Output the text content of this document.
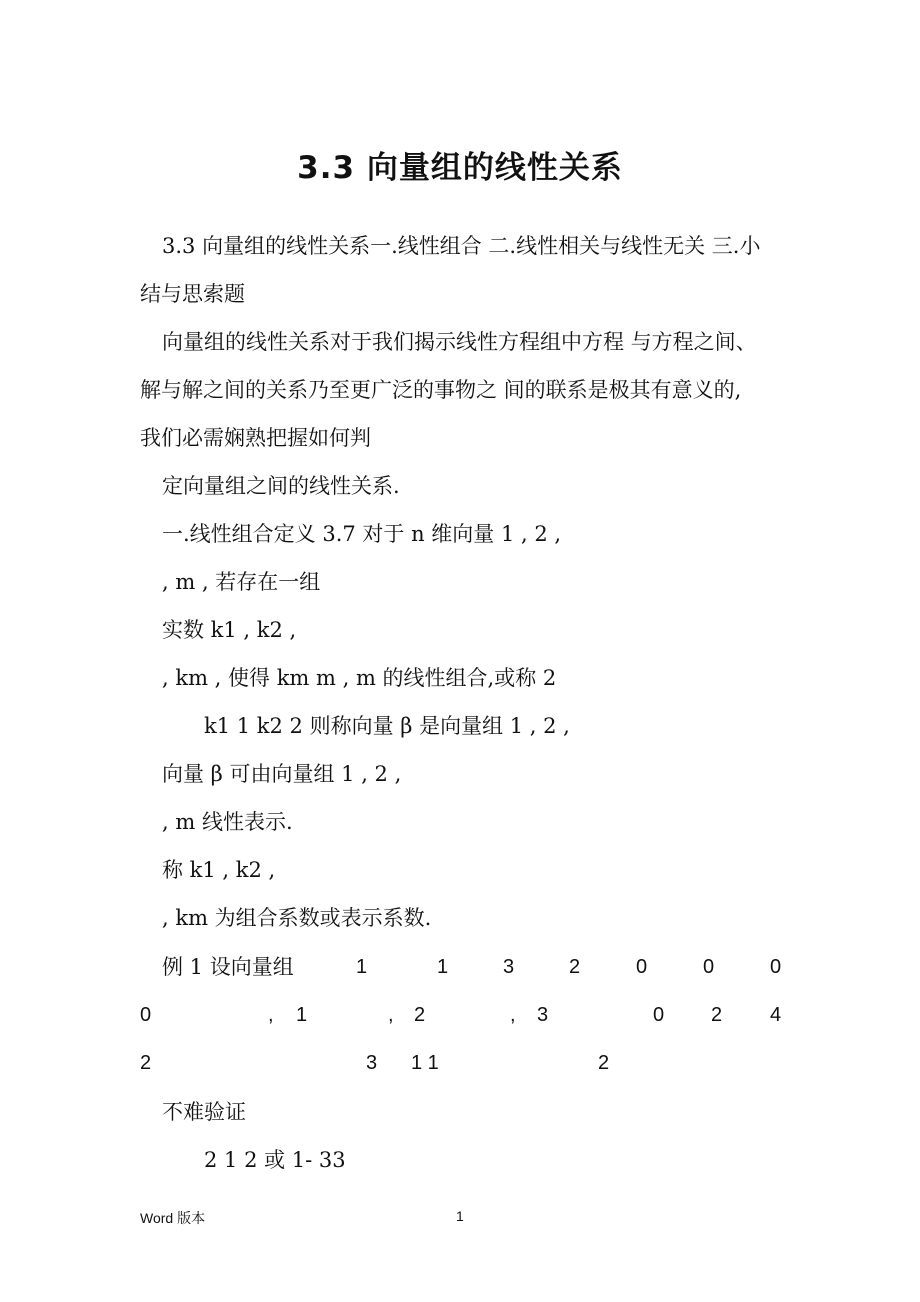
3.3 向量组的线性关系
3.3 向量组的线性关系一.线性组合 二.线性相关与线性无关 三.小
结与思索题
向量组的线性关系对于我们揭示线性方程组中方程 与方程之间、
解与解之间的关系乃至更广泛的事物之 间的联系是极其有意义的,
我们必需娴熟把握如何判
定向量组之间的线性关系.
一.线性组合定义 3.7 对于 n 维向量 1 , 2 ,
, m , 若存在一组
实数 k1 , k2 ,
, km , 使得 km m , m 的线性组合,或称 2
k1 1 k2 2 则称向量 β 是向量组 1 , 2 ,
向量 β 可由向量组 1 , 2 ,
, m 线性表示.
称 k1 , k2 ,
, km 为组合系数或表示系数.
例 1 设向量组	1	1	3	2	0	0	0
0	, 1	, 2	, 3	0 2 4
2	3 1 1	2
不难验证
2 1 2 或 1- 33
Word 版本	1
